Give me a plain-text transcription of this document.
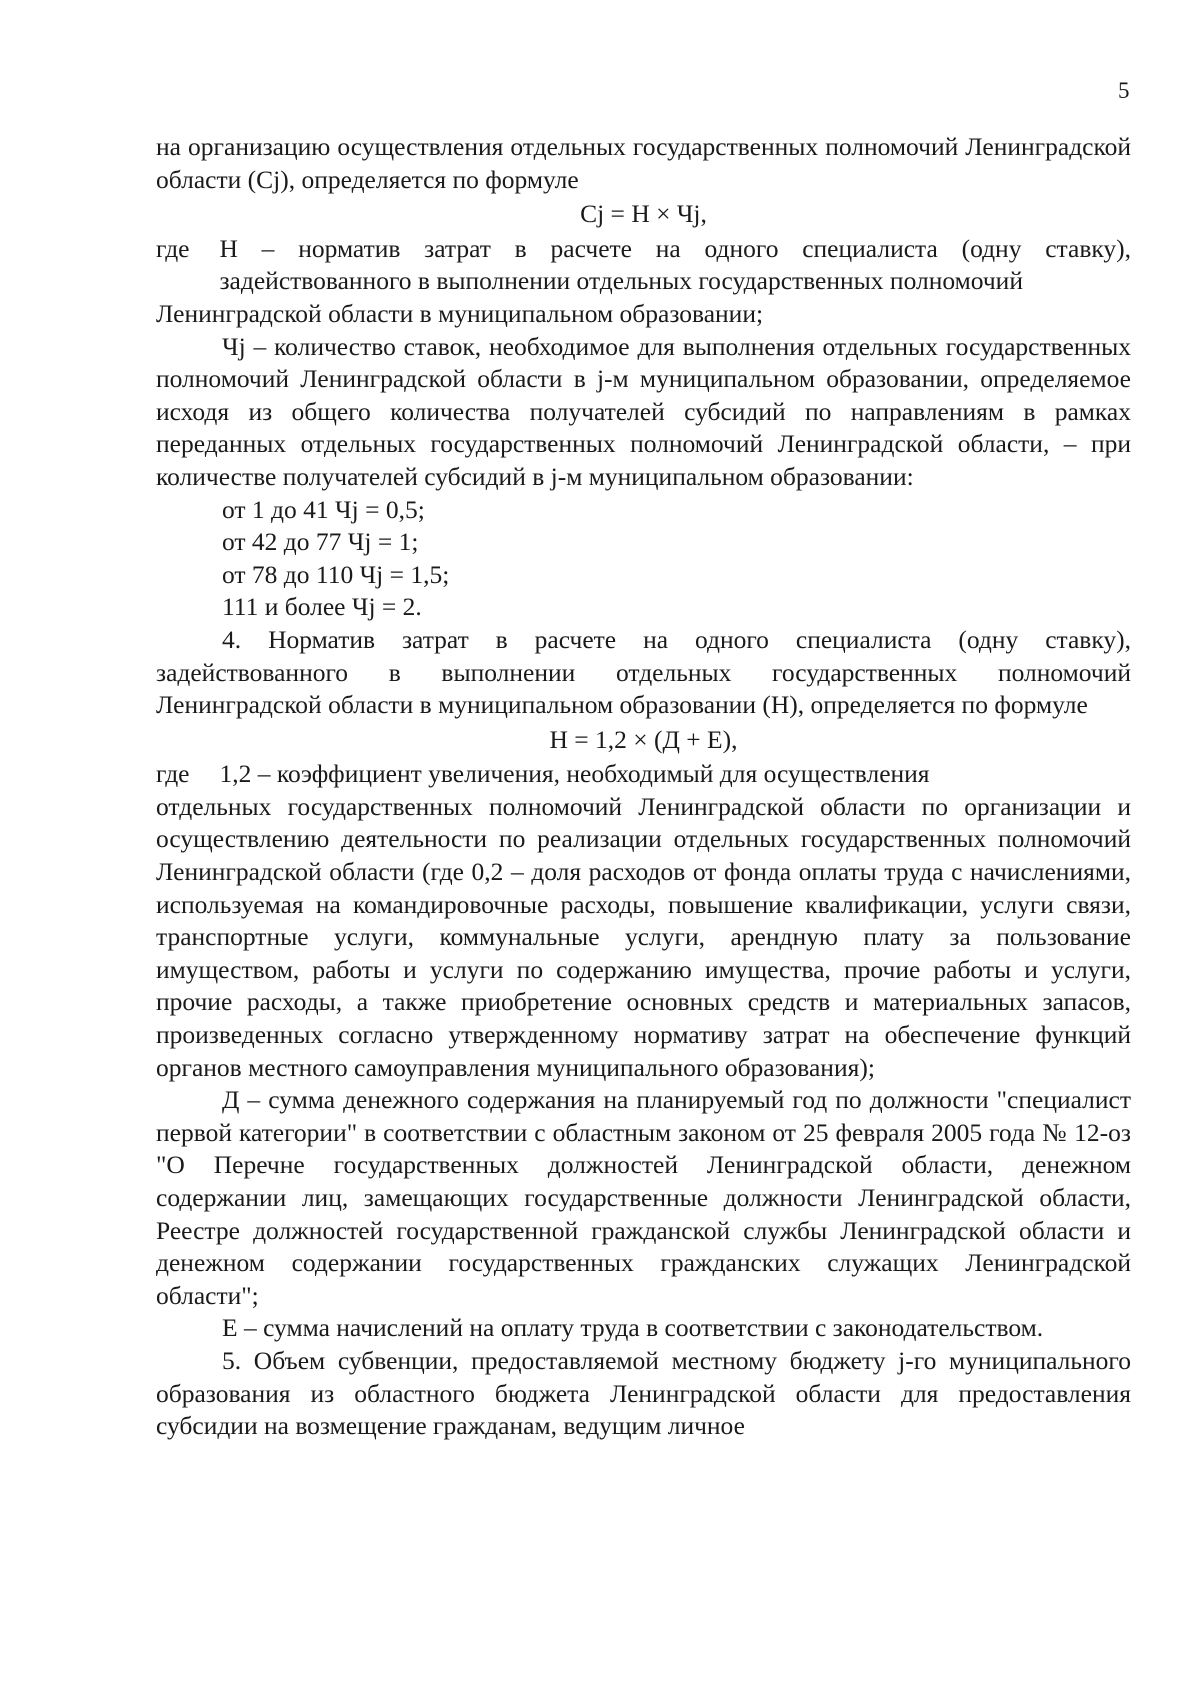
5

на организацию осуществления отдельных государственных полномочий Ленинградской области (Cj), определяется по формуле

Cj = H × Чj,

где H – норматив затрат в расчете на одного специалиста (одну ставку), задействованного в выполнении отдельных государственных полномочий

Ленинградской области в муниципальном образовании;

Чj – количество ставок, необходимое для выполнения отдельных государственных полномочий Ленинградской области в j-м муниципальном образовании, определяемое исходя из общего количества получателей субсидий по направлениям в рамках переданных отдельных государственных полномочий Ленинградской области, – при количестве получателей субсидий в j-м муниципальном образовании:

от 1 до 41 Чj = 0,5;

от 42 до 77 Чj = 1;

от 78 до 110 Чj = 1,5;

111 и более Чj = 2.

4. Норматив затрат в расчете на одного специалиста (одну ставку), задействованного в выполнении отдельных государственных полномочий Ленинградской области в муниципальном образовании (Н), определяется по формуле

Н = 1,2 × (Д + Е),

где 1,2 – коэффициент увеличения, необходимый для осуществления

отдельных государственных полномочий Ленинградской области по организации и осуществлению деятельности по реализации отдельных государственных полномочий Ленинградской области (где 0,2 – доля расходов от фонда оплаты труда с начислениями, используемая на командировочные расходы, повышение квалификации, услуги связи, транспортные услуги, коммунальные услуги, арендную плату за пользование имуществом, работы и услуги по содержанию имущества, прочие работы и услуги, прочие расходы, а также приобретение основных средств и материальных запасов, произведенных согласно утвержденному нормативу затрат на обеспечение функций органов местного самоуправления муниципального образования);

Д – сумма денежного содержания на планируемый год по должности "специалист первой категории" в соответствии с областным законом от 25 февраля 2005 года № 12-оз "О Перечне государственных должностей Ленинградской области, денежном содержании лиц, замещающих государственные должности Ленинградской области, Реестре должностей государственной гражданской службы Ленинградской области и денежном содержании государственных гражданских служащих Ленинградской области";

Е – сумма начислений на оплату труда в соответствии с законодательством.

5. Объем субвенции, предоставляемой местному бюджету j-го муниципального образования из областного бюджета Ленинградской области для предоставления субсидии на возмещение гражданам, ведущим личное
